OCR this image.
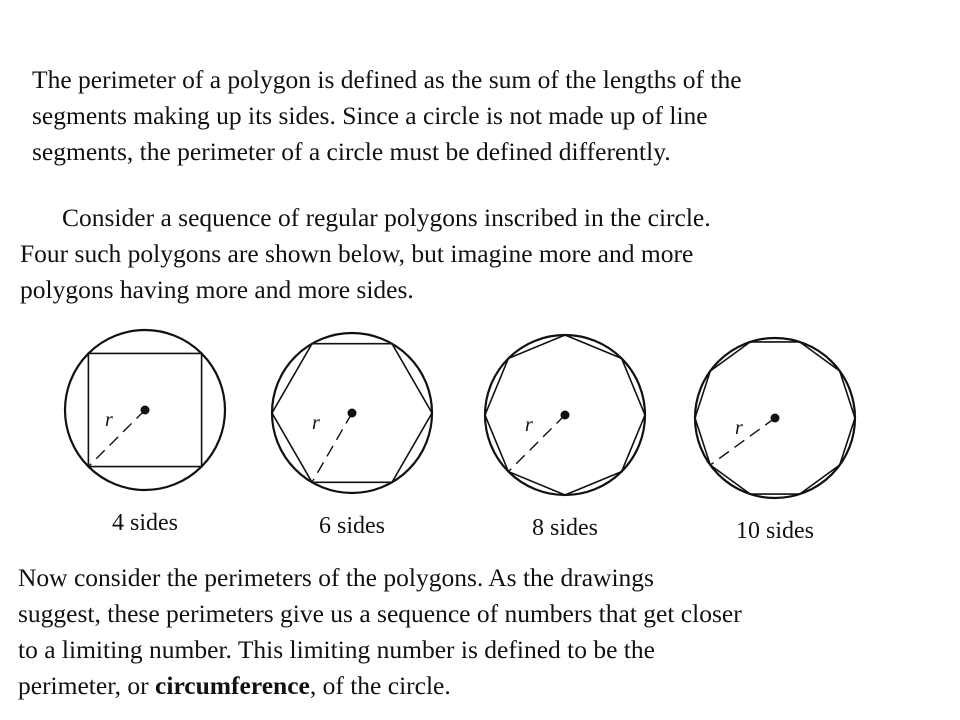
The perimeter of a polygon is defined as the sum of the lengths of the
segments making up its sides. Since a circle is not made up of line
segments, the perimeter of a circle must be defined differently.
Consider a sequence of regular polygons inscribed in the circle.
Four such polygons are shown below, but imagine more and more
polygons having more and more sides.
r
4 sides
r
6 sides
r
8 sides
r
10 sides
Now consider the perimeters of the polygons. As the drawings
suggest, these perimeters give us a sequence of numbers that get closer
to a limiting number. This limiting number is defined to be the
perimeter, or circumference, of the circle.
